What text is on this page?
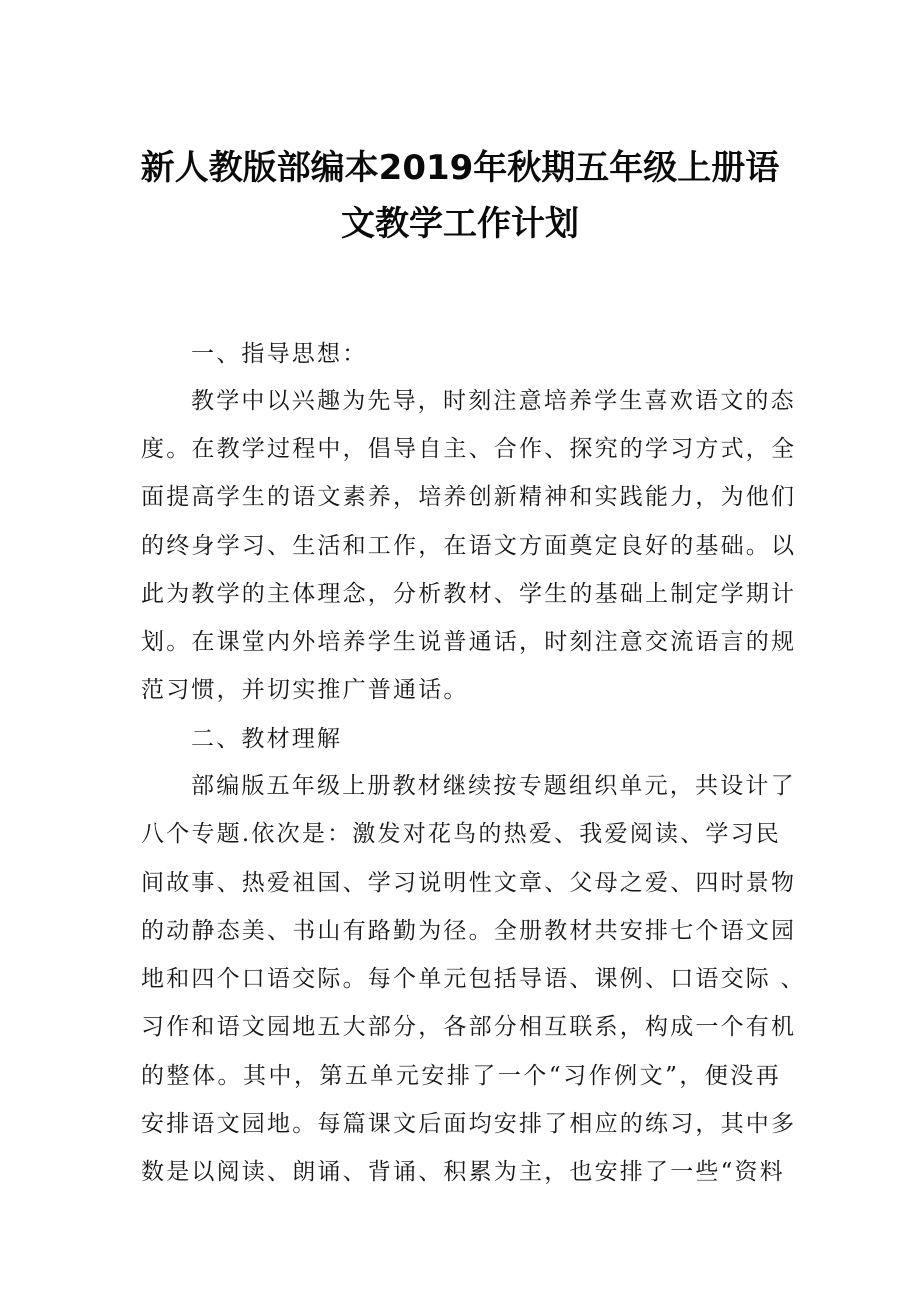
新人教版部编本2019年秋期五年级上册语
文教学工作计划
一、指导思想：
教学中以兴趣为先导，时刻注意培养学生喜欢语文的态
度。在教学过程中，倡导自主、合作、探究的学习方式，全
面提高学生的语文素养，培养创新精神和实践能力，为他们
的终身学习、生活和工作，在语文方面奠定良好的基础。以
此为教学的主体理念，分析教材、学生的基础上制定学期计
划。在课堂内外培养学生说普通话，时刻注意交流语言的规
范习惯，并切实推广普通话。
二、教材理解
部编版五年级上册教材继续按专题组织单元，共设计了
八个专题.依次是：激发对花鸟的热爱、我爱阅读、学习民
间故事、热爱祖国、学习说明性文章、父母之爱、四时景物
的动静态美、书山有路勤为径。全册教材共安排七个语文园
地和四个口语交际。每个单元包括导语、课例、口语交际 、
习作和语文园地五大部分，各部分相互联系，构成一个有机
的整体。其中，第五单元安排了一个“习作例文”，便没再
安排语文园地。每篇课文后面均安排了相应的练习，其中多
数是以阅读、朗诵、背诵、积累为主，也安排了一些“资料
